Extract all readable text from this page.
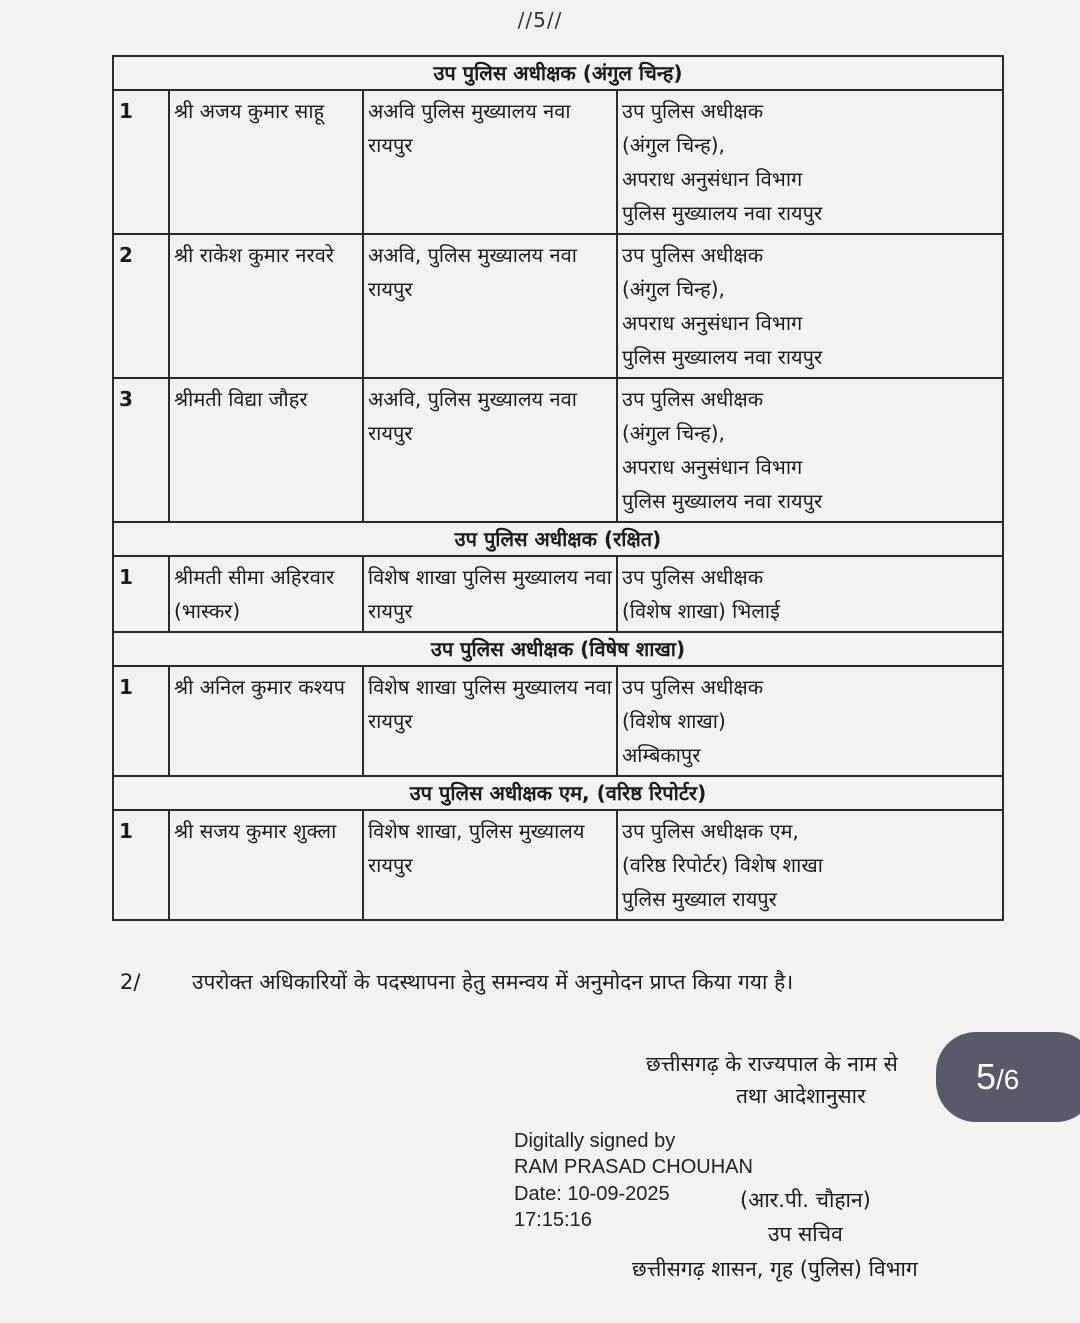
//5//
उप पुलिस अधीक्षक (अंगुल चिन्ह)			
1	श्री अजय कुमार साहू	अअवि पुलिस मुख्यालय नवा रायपुर	उप पुलिस अधीक्षक
(अंगुल चिन्ह),
अपराध अनुसंधान विभाग
पुलिस मुख्यालय नवा रायपुर

2	श्री राकेश कुमार नरवरे	अअवि, पुलिस मुख्यालय नवा रायपुर	उप पुलिस अधीक्षक
(अंगुल चिन्ह),
अपराध अनुसंधान विभाग
पुलिस मुख्यालय नवा रायपुर

3	श्रीमती विद्या जौहर	अअवि, पुलिस मुख्यालय नवा रायपुर	उप पुलिस अधीक्षक
(अंगुल चिन्ह),
अपराध अनुसंधान विभाग
पुलिस मुख्यालय नवा रायपुर

उप पुलिस अधीक्षक (रक्षित)			
1	श्रीमती सीमा अहिरवार (भास्कर)	विशेष शाखा पुलिस मुख्यालय नवा रायपुर	उप पुलिस अधीक्षक
(विशेष शाखा) भिलाई

उप पुलिस अधीक्षक (विषेष शाखा)			
1	श्री अनिल कुमार कश्यप	विशेष शाखा पुलिस मुख्यालय नवा रायपुर	उप पुलिस अधीक्षक
(विशेष शाखा)
अम्बिकापुर

उप पुलिस अधीक्षक एम, (वरिष्ठ रिपोर्टर)			
1	श्री सजय कुमार शुक्ला	विशेष शाखा, पुलिस मुख्यालय रायपुर	उप पुलिस अधीक्षक एम,
(वरिष्ठ रिपोर्टर) विशेष शाखा
पुलिस मुख्याल रायपुर
2/ उपरोक्त अधिकारियों के पदस्थापना हेतु समन्वय में अनुमोदन प्राप्त किया गया है।
छत्तीसगढ़ के राज्यपाल के नाम से
तथा आदेशानुसार
Digitally signed by
RAM PRASAD CHOUHAN
Date: 10-09-2025
17:15:16
(आर.पी. चौहान)
उप सचिव
छत्तीसगढ़ शासन, गृह (पुलिस) विभाग
5/6
